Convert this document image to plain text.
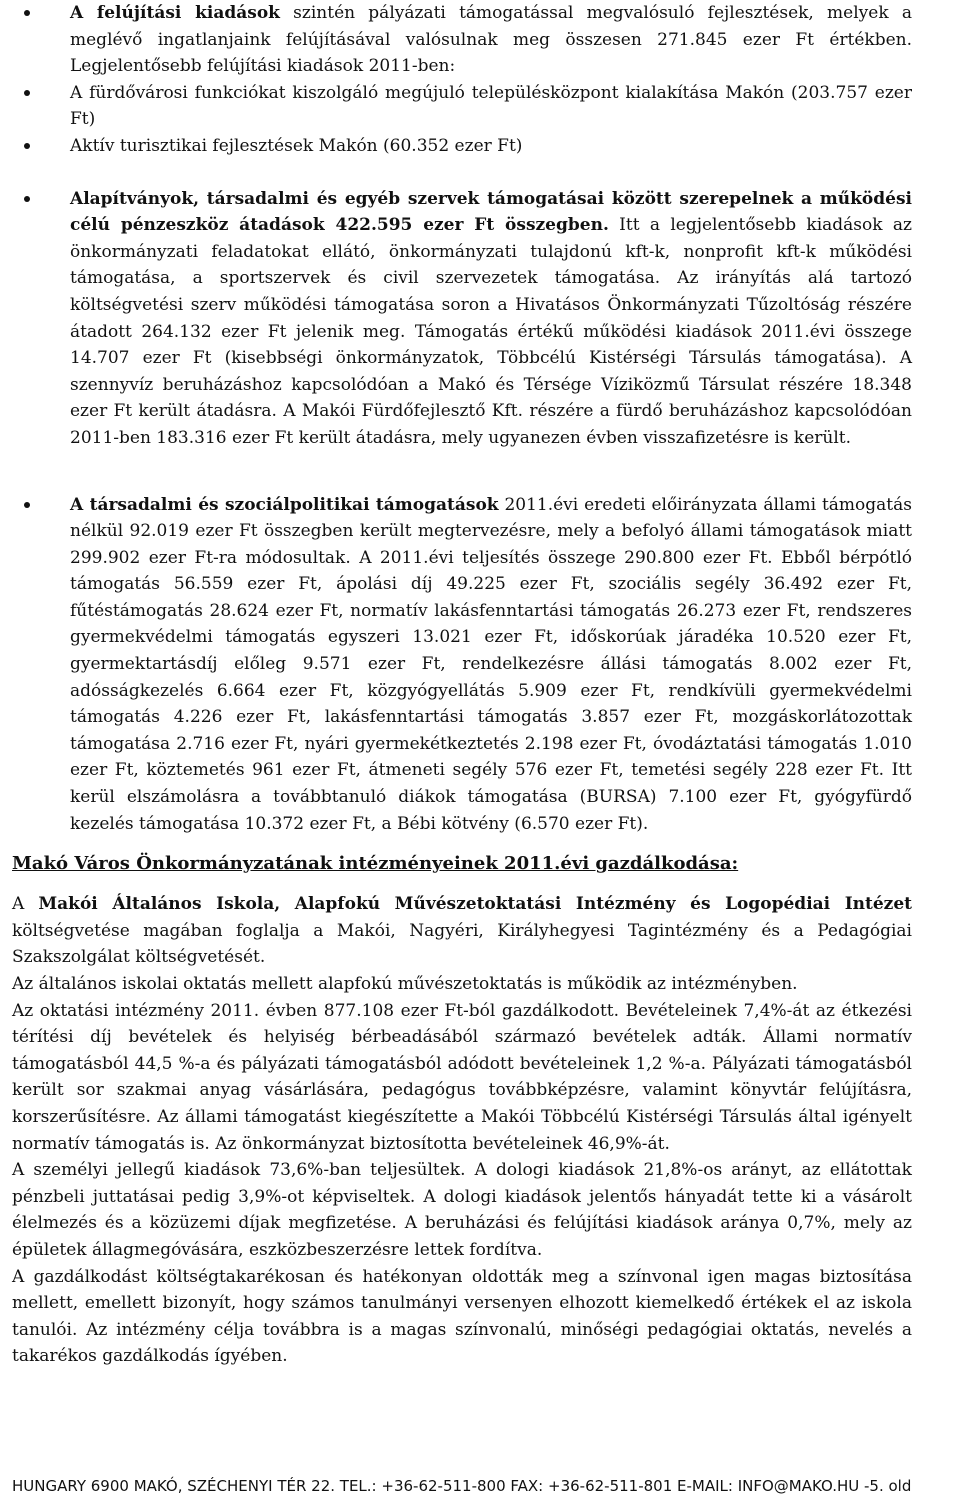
A felújítási kiadások szintén pályázati támogatással megvalósuló fejlesztések, melyek a meglévő ingatlanjaink felújításával valósulnak meg összesen 271.845 ezer Ft értékben. Legjelentősebb felújítási kiadások 2011-ben:
A fürdővárosi funkciókat kiszolgáló megújuló településközpont kialakítása Makón (203.757 ezer Ft)
Aktív turisztikai fejlesztések Makón (60.352 ezer Ft)
Alapítványok, társadalmi és egyéb szervek támogatásai között szerepelnek a működési célú pénzeszköz átadások 422.595 ezer Ft összegben. Itt a legjelentősebb kiadások az önkormányzati feladatokat ellátó, önkormányzati tulajdonú kft-k, nonprofit kft-k működési támogatása, a sportszervek és civil szervezetek támogatása. Az irányítás alá tartozó költségvetési szerv működési támogatása soron a Hivatásos Önkormányzati Tűzoltóság részére átadott 264.132 ezer Ft jelenik meg. Támogatás értékű működési kiadások 2011.évi összege 14.707 ezer Ft (kisebbségi önkormányzatok, Többcélú Kistérségi Társulás támogatása). A szennyvíz beruházáshoz kapcsolódóan a Makó és Térsége Víziközmű Társulat részére 18.348 ezer Ft került átadásra. A Makói Fürdőfejlesztő Kft. részére a fürdő beruházáshoz kapcsolódóan 2011-ben 183.316 ezer Ft került átadásra, mely ugyanezen évben visszafizetésre is került.
A társadalmi és szociálpolitikai támogatások 2011.évi eredeti előirányzata állami támogatás nélkül 92.019 ezer Ft összegben került megtervezésre, mely a befolyó állami támogatások miatt 299.902 ezer Ft-ra módosultak. A 2011.évi teljesítés összege 290.800 ezer Ft. Ebből bérpótló támogatás 56.559 ezer Ft, ápolási díj 49.225 ezer Ft, szociális segély 36.492 ezer Ft, fűtéstámogatás 28.624 ezer Ft, normatív lakásfenntartási támogatás 26.273 ezer Ft, rendszeres gyermekvédelmi támogatás egyszeri 13.021 ezer Ft, időskorúak járadéka 10.520 ezer Ft, gyermektartásdíj előleg 9.571 ezer Ft, rendelkezésre állási támogatás 8.002 ezer Ft, adósságkezelés 6.664 ezer Ft, közgyógyellátás 5.909 ezer Ft, rendkívüli gyermekvédelmi támogatás 4.226 ezer Ft, lakásfenntartási támogatás 3.857 ezer Ft, mozgáskorlátozottak támogatása 2.716 ezer Ft, nyári gyermekétkeztetés 2.198 ezer Ft, óvodáztatási támogatás 1.010 ezer Ft, köztemetés 961 ezer Ft, átmeneti segély 576 ezer Ft, temetési segély 228 ezer Ft. Itt kerül elszámolásra a továbbtanuló diákok támogatása (BURSA) 7.100 ezer Ft, gyógyfürdő kezelés támogatása 10.372 ezer Ft, a Bébi kötvény (6.570 ezer Ft).
Makó Város Önkormányzatának intézményeinek 2011.évi gazdálkodása:

A Makói Általános Iskola, Alapfokú Művészetoktatási Intézmény és Logopédiai Intézet költségvetése magában foglalja a Makói, Nagyéri, Királyhegyesi Tagintézmény és a Pedagógiai Szakszolgálat költségvetését.

Az általános iskolai oktatás mellett alapfokú művészetoktatás is működik az intézményben.

Az oktatási intézmény 2011. évben 877.108 ezer Ft-ból gazdálkodott. Bevételeinek 7,4%-át az étkezési térítési díj bevételek és helyiség bérbeadásából származó bevételek adták. Állami normatív támogatásból 44,5 %-a és pályázati támogatásból adódott bevételeinek 1,2 %-a. Pályázati támogatásból került sor szakmai anyag vásárlására, pedagógus továbbképzésre, valamint könyvtár felújításra, korszerűsítésre. Az állami támogatást kiegészítette a Makói Többcélú Kistérségi Társulás által igényelt normatív támogatás is. Az önkormányzat biztosította bevételeinek 46,9%-át.

A személyi jellegű kiadások 73,6%-ban teljesültek. A dologi kiadások 21,8%-os arányt, az ellátottak pénzbeli juttatásai pedig 3,9%-ot képviseltek. A dologi kiadások jelentős hányadát tette ki a vásárolt élelmezés és a közüzemi díjak megfizetése. A beruházási és felújítási kiadások aránya 0,7%, mely az épületek állagmegóvására, eszközbeszerzésre lettek fordítva.

A gazdálkodást költségtakarékosan és hatékonyan oldották meg a színvonal igen magas biztosítása mellett, emellett bizonyít, hogy számos tanulmányi versenyen elhozott kiemelkedő értékek el az iskola tanulói. Az intézmény célja továbbra is a magas színvonalú, minőségi pedagógiai oktatás, nevelés a takarékos gazdálkodás ígyében.

HUNGARY 6900 MAKÓ, SZÉCHENYI TÉR 22. TEL.: +36-62-511-800 FAX: +36-62-511-801 E-MAIL: INFO@MAKO.HU -5. old
